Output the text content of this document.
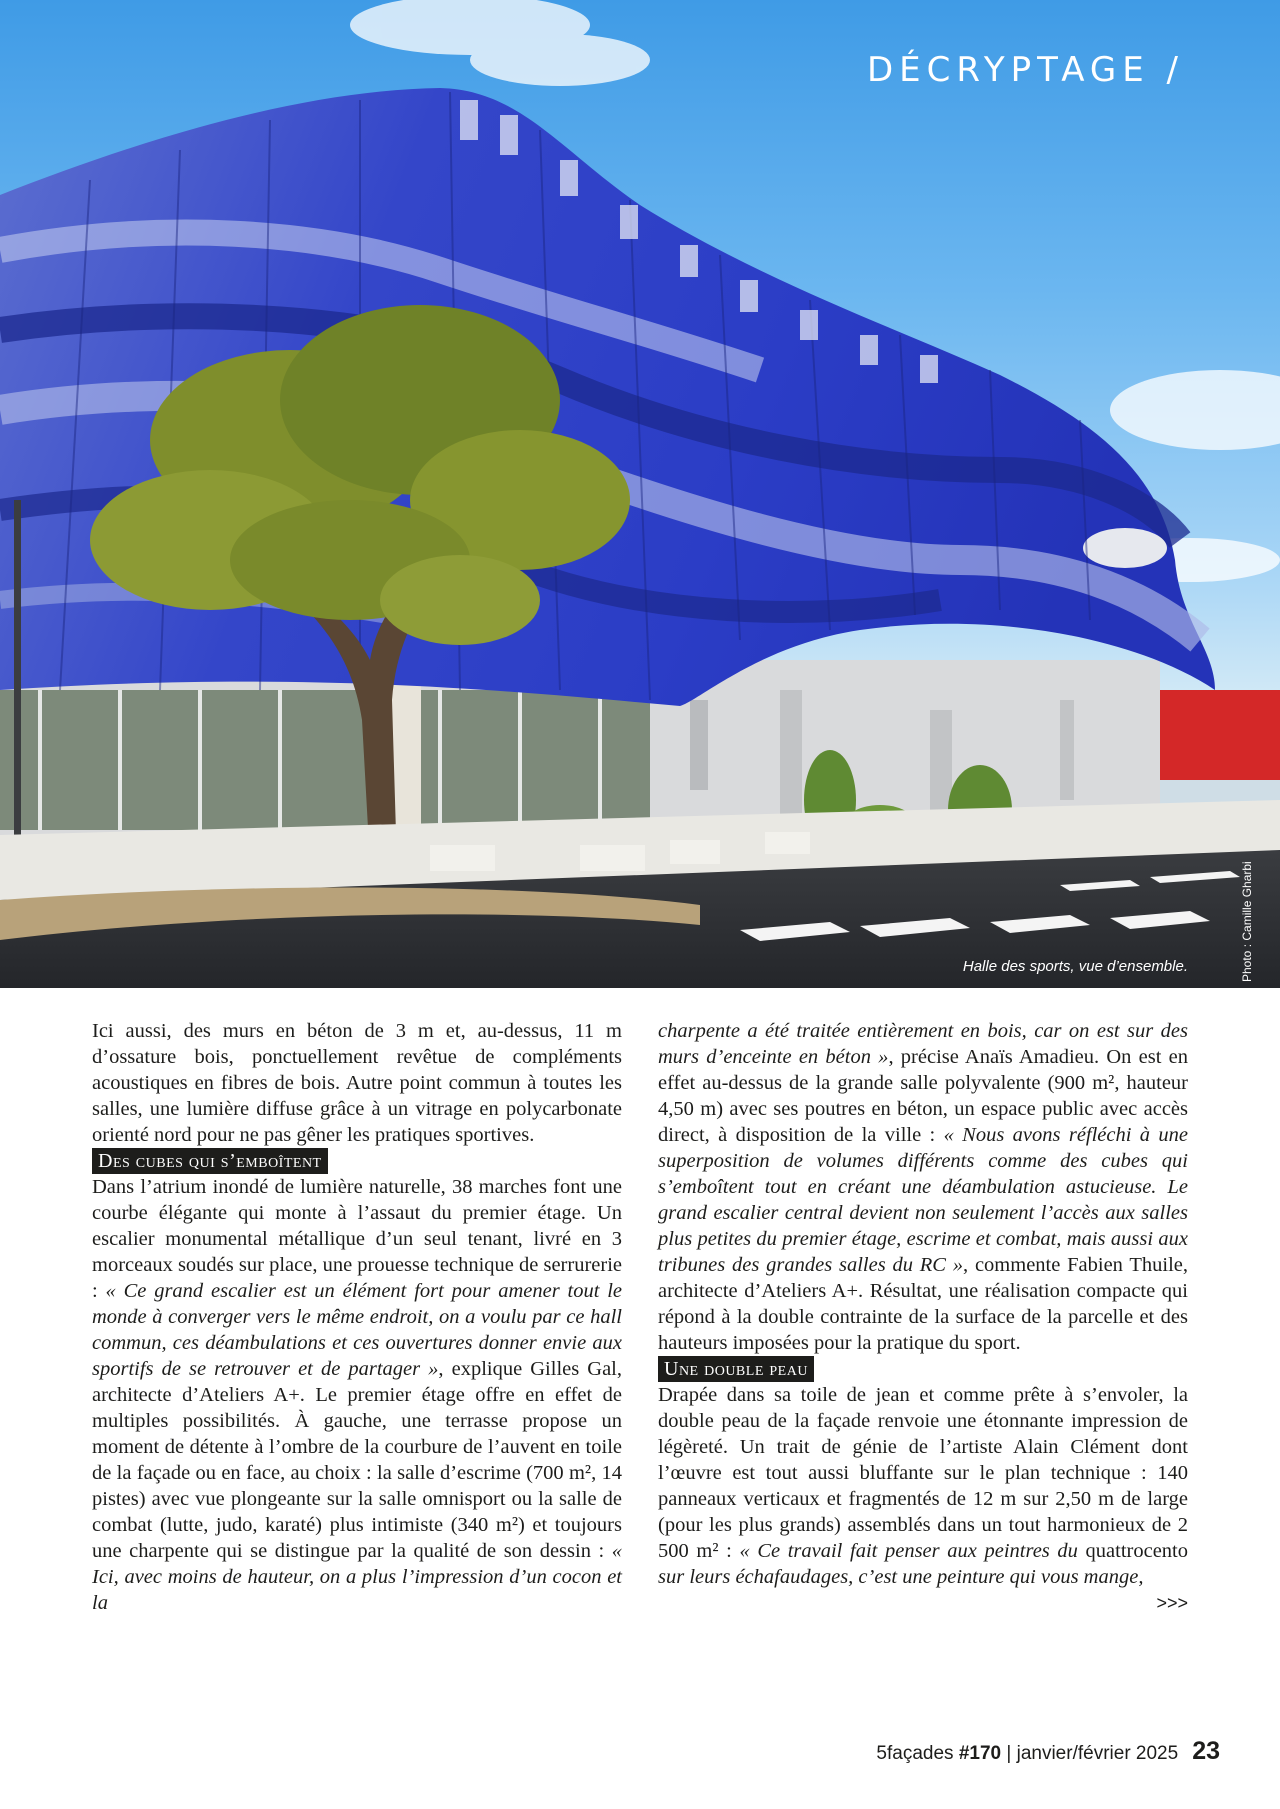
DÉCRYPTAGE /

Halle des sports, vue d’ensemble.	Photo : Camille Gharbi

Ici aussi, des murs en béton de 3 m et, au-dessus, 11 m d’ossature bois, ponctuellement revêtue de compléments acoustiques en fibres de bois. Autre point commun à toutes les salles, une lumière diffuse grâce à un vitrage en polycarbonate orienté nord pour ne pas gêner les pratiques sportives.

Des cubes qui s’emboîtent

Dans l’atrium inondé de lumière naturelle, 38 marches font une courbe élégante qui monte à l’assaut du premier étage. Un escalier monumental métallique d’un seul tenant, livré en 3 morceaux soudés sur place, une prouesse technique de serrurerie : « Ce grand escalier est un élément fort pour amener tout le monde à converger vers le même endroit, on a voulu par ce hall commun, ces déambulations et ces ouvertures donner envie aux sportifs de se retrouver et de partager », explique Gilles Gal, architecte d’Ateliers A+. Le premier étage offre en effet de multiples possibilités. À gauche, une terrasse propose un moment de détente à l’ombre de la courbure de l’auvent en toile de la façade ou en face, au choix : la salle d’escrime (700 m², 14 pistes) avec vue plongeante sur la salle omnisport ou la salle de combat (lutte, judo, karaté) plus intimiste (340 m²) et toujours une charpente qui se distingue par la qualité de son dessin : « Ici, avec moins de hauteur, on a plus l’impression d’un cocon et la

charpente a été traitée entièrement en bois, car on est sur des murs d’enceinte en béton », précise Anaïs Amadieu. On est en effet au-dessus de la grande salle polyvalente (900 m², hauteur 4,50 m) avec ses poutres en béton, un espace public avec accès direct, à disposition de la ville : « Nous avons réfléchi à une superposition de volumes différents comme des cubes qui s’emboîtent tout en créant une déambulation astucieuse. Le grand escalier central devient non seulement l’accès aux salles plus petites du premier étage, escrime et combat, mais aussi aux tribunes des grandes salles du RC », commente Fabien Thuile, architecte d’Ateliers A+. Résultat, une réalisation compacte qui répond à la double contrainte de la surface de la parcelle et des hauteurs imposées pour la pratique du sport.

Une double peau

Drapée dans sa toile de jean et comme prête à s’envoler, la double peau de la façade renvoie une étonnante impression de légèreté. Un trait de génie de l’artiste Alain Clément dont l’œuvre est tout aussi bluffante sur le plan technique : 140 panneaux verticaux et fragmentés de 12 m sur 2,50 m de large (pour les plus grands) assemblés dans un tout harmonieux de 2 500 m² : « Ce travail fait penser aux peintres du quattrocento sur leurs échafaudages, c’est une peinture qui vous mange,

>>>
5façades #170 | janvier/février 2025 23
